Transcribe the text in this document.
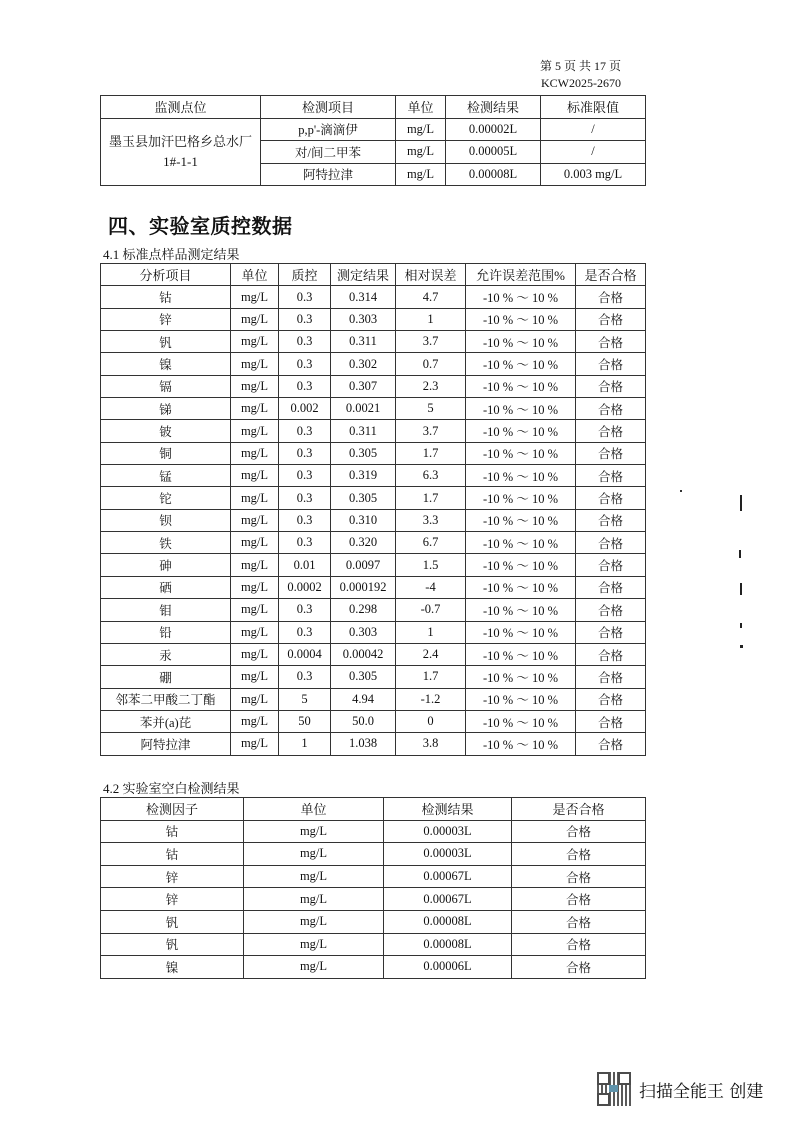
第 5 页 共 17 页
KCW2025-2670
监测点位	检测项目	单位	检测结果	标准限值
墨玉县加汗巴格乡总水厂 1#-1-1	p,p'-滴滴伊	mg/L	0.00002L	/
	对/间二甲苯	mg/L	0.00005L	/
	阿特拉津	mg/L	0.00008L	0.003 mg/L
四、实验室质控数据
4.1 标准点样品测定结果
分析项目	单位	质控	测定结果	相对误差	允许误差范围%	是否合格
钴	mg/L	0.3	0.314	4.7	-10 % ～ 10 %	合格
锌	mg/L	0.3	0.303	1	-10 % ～ 10 %	合格
钒	mg/L	0.3	0.311	3.7	-10 % ～ 10 %	合格
镍	mg/L	0.3	0.302	0.7	-10 % ～ 10 %	合格
镉	mg/L	0.3	0.307	2.3	-10 % ～ 10 %	合格
锑	mg/L	0.002	0.0021	5	-10 % ～ 10 %	合格
铍	mg/L	0.3	0.311	3.7	-10 % ～ 10 %	合格
铜	mg/L	0.3	0.305	1.7	-10 % ～ 10 %	合格
锰	mg/L	0.3	0.319	6.3	-10 % ～ 10 %	合格
铊	mg/L	0.3	0.305	1.7	-10 % ～ 10 %	合格
钡	mg/L	0.3	0.310	3.3	-10 % ～ 10 %	合格
铁	mg/L	0.3	0.320	6.7	-10 % ～ 10 %	合格
砷	mg/L	0.01	0.0097	1.5	-10 % ～ 10 %	合格
硒	mg/L	0.0002	0.000192	-4	-10 % ～ 10 %	合格
钼	mg/L	0.3	0.298	-0.7	-10 % ～ 10 %	合格
铅	mg/L	0.3	0.303	1	-10 % ～ 10 %	合格
汞	mg/L	0.0004	0.00042	2.4	-10 % ～ 10 %	合格
硼	mg/L	0.3	0.305	1.7	-10 % ～ 10 %	合格
邻苯二甲酸二丁酯	mg/L	5	4.94	-1.2	-10 % ～ 10 %	合格
苯并(a)芘	mg/L	50	50.0	0	-10 % ～ 10 %	合格
阿特拉津	mg/L	1	1.038	3.8	-10 % ～ 10 %	合格
4.2 实验室空白检测结果
检测因子	单位	检测结果	是否合格
钴	mg/L	0.00003L	合格
钴	mg/L	0.00003L	合格
锌	mg/L	0.00067L	合格
锌	mg/L	0.00067L	合格
钒	mg/L	0.00008L	合格
钒	mg/L	0.00008L	合格
镍	mg/L	0.00006L	合格
扫描全能王 创建
